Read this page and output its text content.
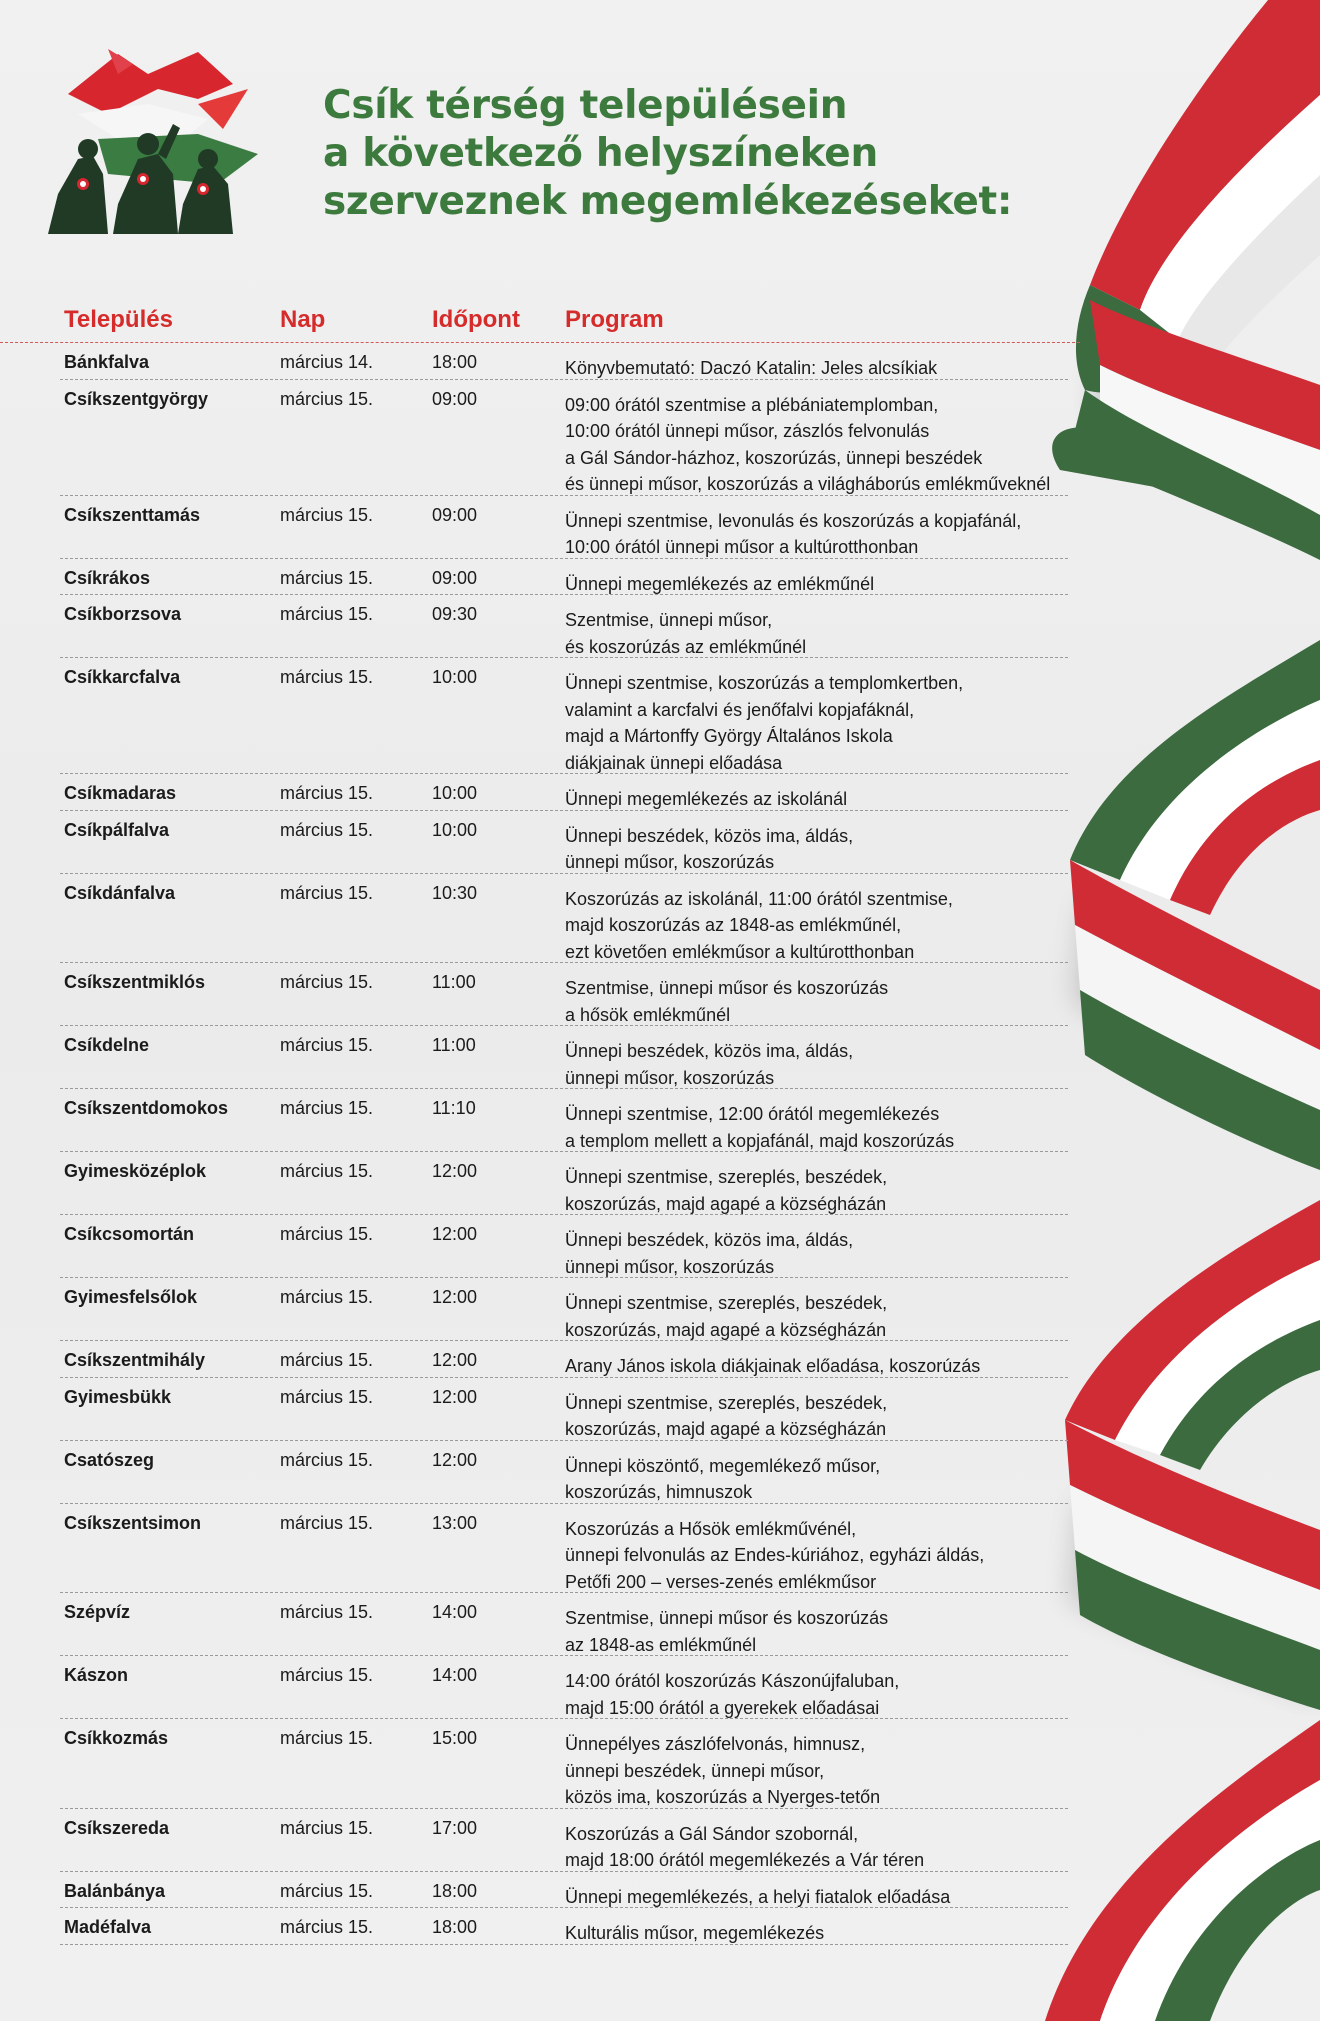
Csík térség településein
a következő helyszíneken
szerveznek megemlékezéseket:
Település	Nap	Időpont Program
Bánkfalva	március 14.	18:00	Könyvbemutató: Daczó Katalin: Jeles alcsíkiak
Csíkszentgyörgy	március 15.	09:00	09:00 órától szentmise a plébániatemplomban,
10:00 órától ünnepi műsor, zászlós felvonulás
a Gál Sándor-házhoz, koszorúzás, ünnepi beszédek
és ünnepi műsor, koszorúzás a világháborús emlékműveknél
Csíkszenttamás	március 15.	09:00	Ünnepi szentmise, levonulás és koszorúzás a kopjafánál,
10:00 órától ünnepi műsor a kultúrotthonban
Csíkrákos	március 15.	09:00	Ünnepi megemlékezés az emlékműnél
Csíkborzsova	március 15.	09:30	Szentmise, ünnepi műsor,
és koszorúzás az emlékműnél
Csíkkarcfalva	március 15.	10:00	Ünnepi szentmise, koszorúzás a templomkertben,
valamint a karcfalvi és jenőfalvi kopjafáknál,
majd a Mártonffy György Általános Iskola
diákjainak ünnepi előadása
Csíkmadaras	március 15.	10:00	Ünnepi megemlékezés az iskolánál
Csíkpálfalva	március 15.	10:00	Ünnepi beszédek, közös ima, áldás,
ünnepi műsor, koszorúzás
Csíkdánfalva	március 15.	10:30	Koszorúzás az iskolánál, 11:00 órától szentmise,
majd koszorúzás az 1848-as emlékműnél,
ezt követően emlékműsor a kultúrotthonban
Csíkszentmiklós	március 15.	11:00	Szentmise, ünnepi műsor és koszorúzás
a hősök emlékműnél
Csíkdelne	március 15.	11:00	Ünnepi beszédek, közös ima, áldás,
ünnepi műsor, koszorúzás
Csíkszentdomokos	március 15.	11:10	Ünnepi szentmise, 12:00 órától megemlékezés
a templom mellett a kopjafánál, majd koszorúzás
Gyimesközéplok	március 15.	12:00	Ünnepi szentmise, szereplés, beszédek,
koszorúzás, majd agapé a községházán
Csíkcsomortán	március 15.	12:00	Ünnepi beszédek, közös ima, áldás,
ünnepi műsor, koszorúzás
Gyimesfelsőlok	március 15.	12:00	Ünnepi szentmise, szereplés, beszédek,
koszorúzás, majd agapé a községházán
Csíkszentmihály	március 15.	12:00	Arany János iskola diákjainak előadása, koszorúzás
Gyimesbükk	március 15.	12:00	Ünnepi szentmise, szereplés, beszédek,
koszorúzás, majd agapé a községházán
Csatószeg	március 15.	12:00	Ünnepi köszöntő, megemlékező műsor,
koszorúzás, himnuszok
Csíkszentsimon	március 15.	13:00	Koszorúzás a Hősök emlékművénél,
ünnepi felvonulás az Endes-kúriához, egyházi áldás,
Petőfi 200 – verses-zenés emlékműsor
Szépvíz	március 15.	14:00	Szentmise, ünnepi műsor és koszorúzás
az 1848-as emlékműnél
Kászon	március 15.	14:00	14:00 órától koszorúzás Kászonújfaluban,
majd 15:00 órától a gyerekek előadásai
Csíkkozmás	március 15.	15:00	Ünnepélyes zászlófelvonás, himnusz,
ünnepi beszédek, ünnepi műsor,
közös ima, koszorúzás a Nyerges-tetőn
Csíkszereda	március 15.	17:00	Koszorúzás a Gál Sándor szobornál,
majd 18:00 órától megemlékezés a Vár téren
Balánbánya	március 15.	18:00	Ünnepi megemlékezés, a helyi fiatalok előadása
Madéfalva	március 15.	18:00	Kulturális műsor, megemlékezés
